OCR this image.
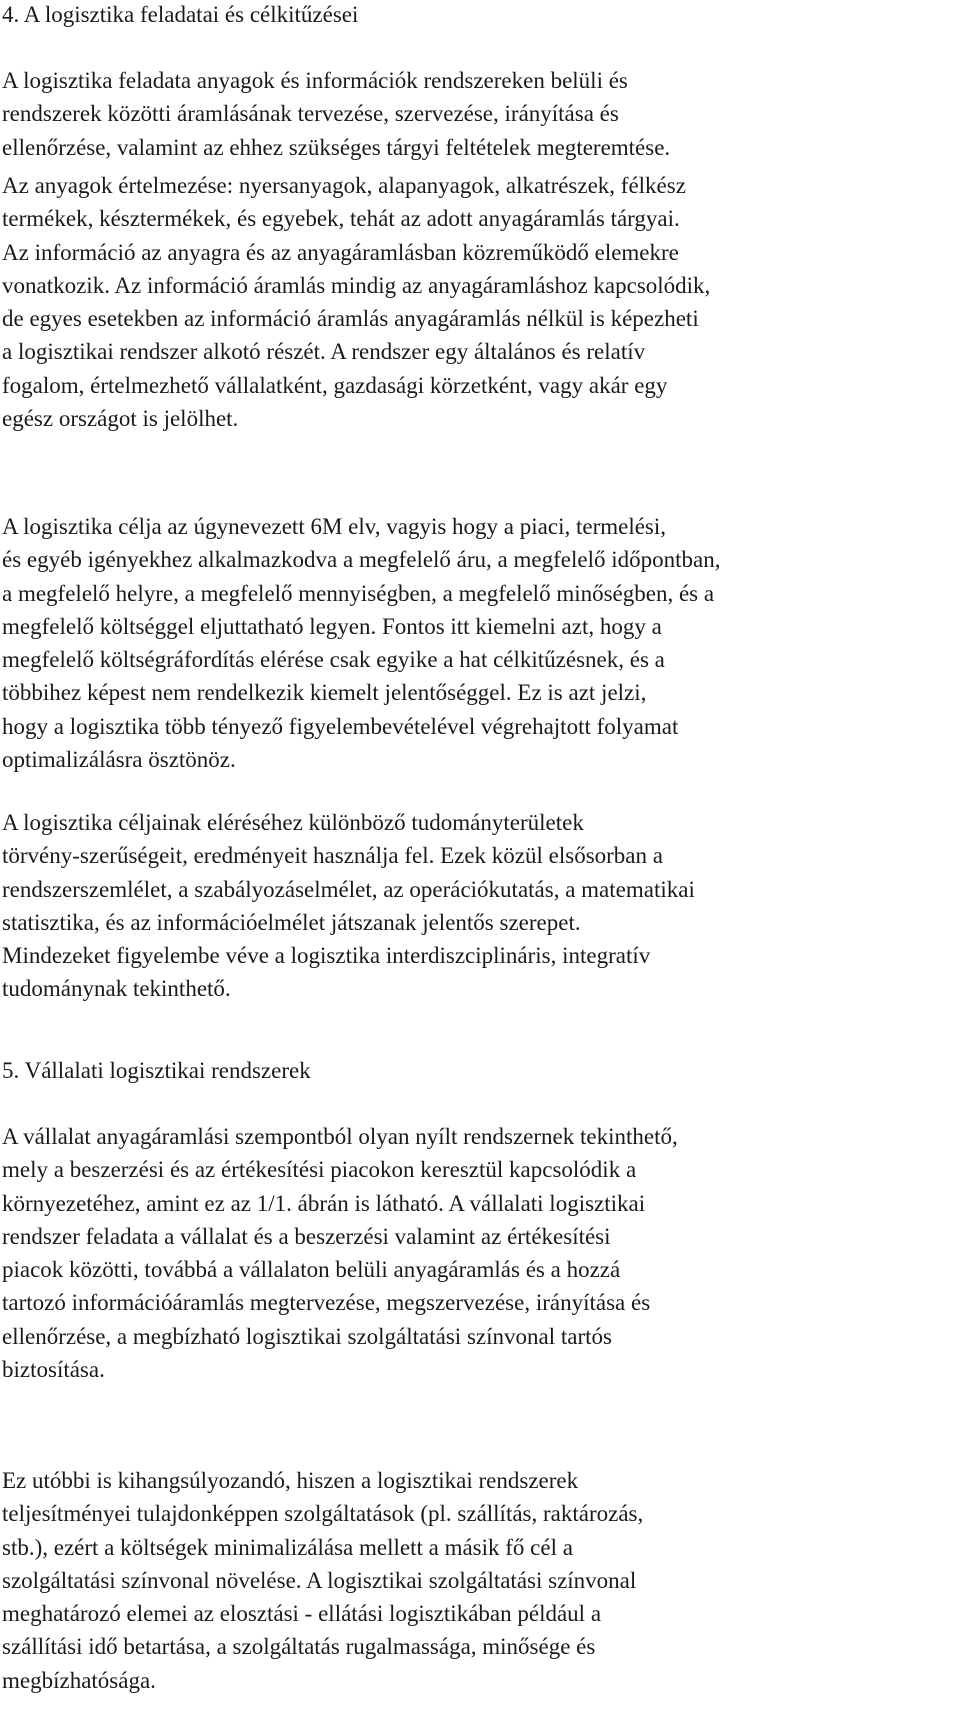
4. A logisztika feladatai és célkitűzései

A logisztika feladata anyagok és információk rendszereken belüli és
rendszerek közötti áramlásának tervezése, szervezése, irányítása és
ellenőrzése, valamint az ehhez szükséges tárgyi feltételek megteremtése.

Az anyagok értelmezése: nyersanyagok, alapanyagok, alkatrészek, félkész
termékek, késztermékek, és egyebek, tehát az adott anyagáramlás tárgyai.
Az információ az anyagra és az anyagáramlásban közreműködő elemekre
vonatkozik. Az információ áramlás mindig az anyagáramláshoz kapcsolódik,
de egyes esetekben az információ áramlás anyagáramlás nélkül is képezheti
a logisztikai rendszer alkotó részét. A rendszer egy általános és relatív
fogalom, értelmezhető vállalatként, gazdasági körzetként, vagy akár egy
egész országot is jelölhet.

A logisztika célja az úgynevezett 6M elv, vagyis hogy a piaci, termelési,
és egyéb igényekhez alkalmazkodva a megfelelő áru, a megfelelő időpontban,
a megfelelő helyre, a megfelelő mennyiségben, a megfelelő minőségben, és a
megfelelő költséggel eljuttatható legyen. Fontos itt kiemelni azt, hogy a
megfelelő költségráfordítás elérése csak egyike a hat célkitűzésnek, és a
többihez képest nem rendelkezik kiemelt jelentőséggel. Ez is azt jelzi,
hogy a logisztika több tényező figyelembevételével végrehajtott folyamat
optimalizálásra ösztönöz.

A logisztika céljainak eléréséhez különböző tudományterületek
törvény-szerűségeit, eredményeit használja fel. Ezek közül elsősorban a
rendszerszemlélet, a szabályozáselmélet, az operációkutatás, a matematikai
statisztika, és az információelmélet játszanak jelentős szerepet.
Mindezeket figyelembe véve a logisztika interdiszciplináris, integratív
tudománynak tekinthető.

5. Vállalati logisztikai rendszerek

A vállalat anyagáramlási szempontból olyan nyílt rendszernek tekinthető,
mely a beszerzési és az értékesítési piacokon keresztül kapcsolódik a
környezetéhez, amint ez az 1/1. ábrán is látható. A vállalati logisztikai
rendszer feladata a vállalat és a beszerzési valamint az értékesítési
piacok közötti, továbbá a vállalaton belüli anyagáramlás és a hozzá
tartozó információáramlás megtervezése, megszervezése, irányítása és
ellenőrzése, a megbízható logisztikai szolgáltatási színvonal tartós
biztosítása.

Ez utóbbi is kihangsúlyozandó, hiszen a logisztikai rendszerek
teljesítményei tulajdonképpen szolgáltatások (pl. szállítás, raktározás,
stb.), ezért a költségek minimalizálása mellett a másik fő cél a
szolgáltatási színvonal növelése. A logisztikai szolgáltatási színvonal
meghatározó elemei az elosztási - ellátási logisztikában például a
szállítási idő betartása, a szolgáltatás rugalmassága, minősége és
megbízhatósága.
